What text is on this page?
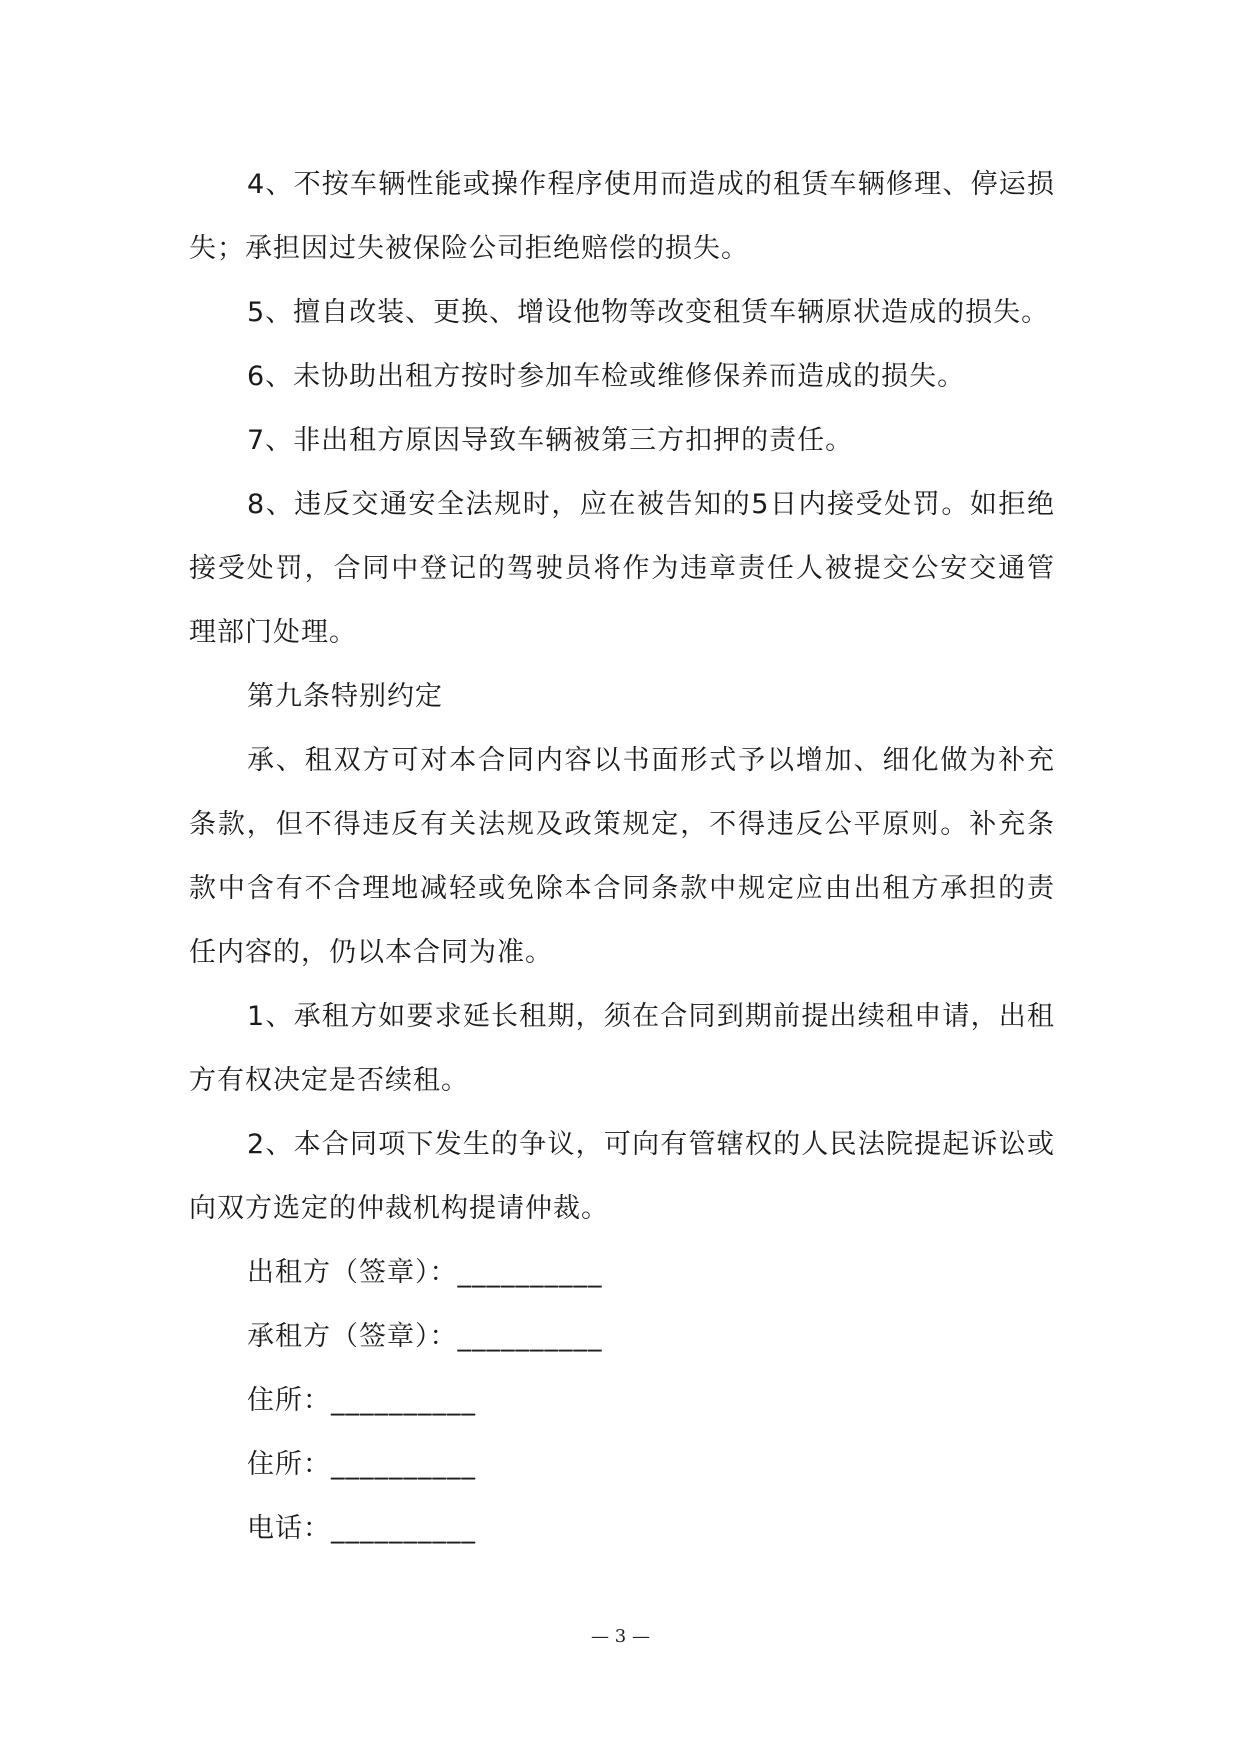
4、不按车辆性能或操作程序使用而造成的租赁车辆修理、停运损失；承担因过失被保险公司拒绝赔偿的损失。

5、擅自改装、更换、增设他物等改变租赁车辆原状造成的损失。

6、未协助出租方按时参加车检或维修保养而造成的损失。

7、非出租方原因导致车辆被第三方扣押的责任。

8、违反交通安全法规时，应在被告知的5日内接受处罚。如拒绝接受处罚，合同中登记的驾驶员将作为违章责任人被提交公安交通管理部门处理。

第九条特别约定

承、租双方可对本合同内容以书面形式予以增加、细化做为补充条款，但不得违反有关法规及政策规定，不得违反公平原则。补充条款中含有不合理地减轻或免除本合同条款中规定应由出租方承担的责任内容的，仍以本合同为准。

1、承租方如要求延长租期，须在合同到期前提出续租申请，出租方有权决定是否续租。

2、本合同项下发生的争议，可向有管辖权的人民法院提起诉讼或向双方选定的仲裁机构提请仲裁。

出租方（签章）：__________

承租方（签章）：__________

住所：__________

住所：__________

电话：__________

— 3 —
